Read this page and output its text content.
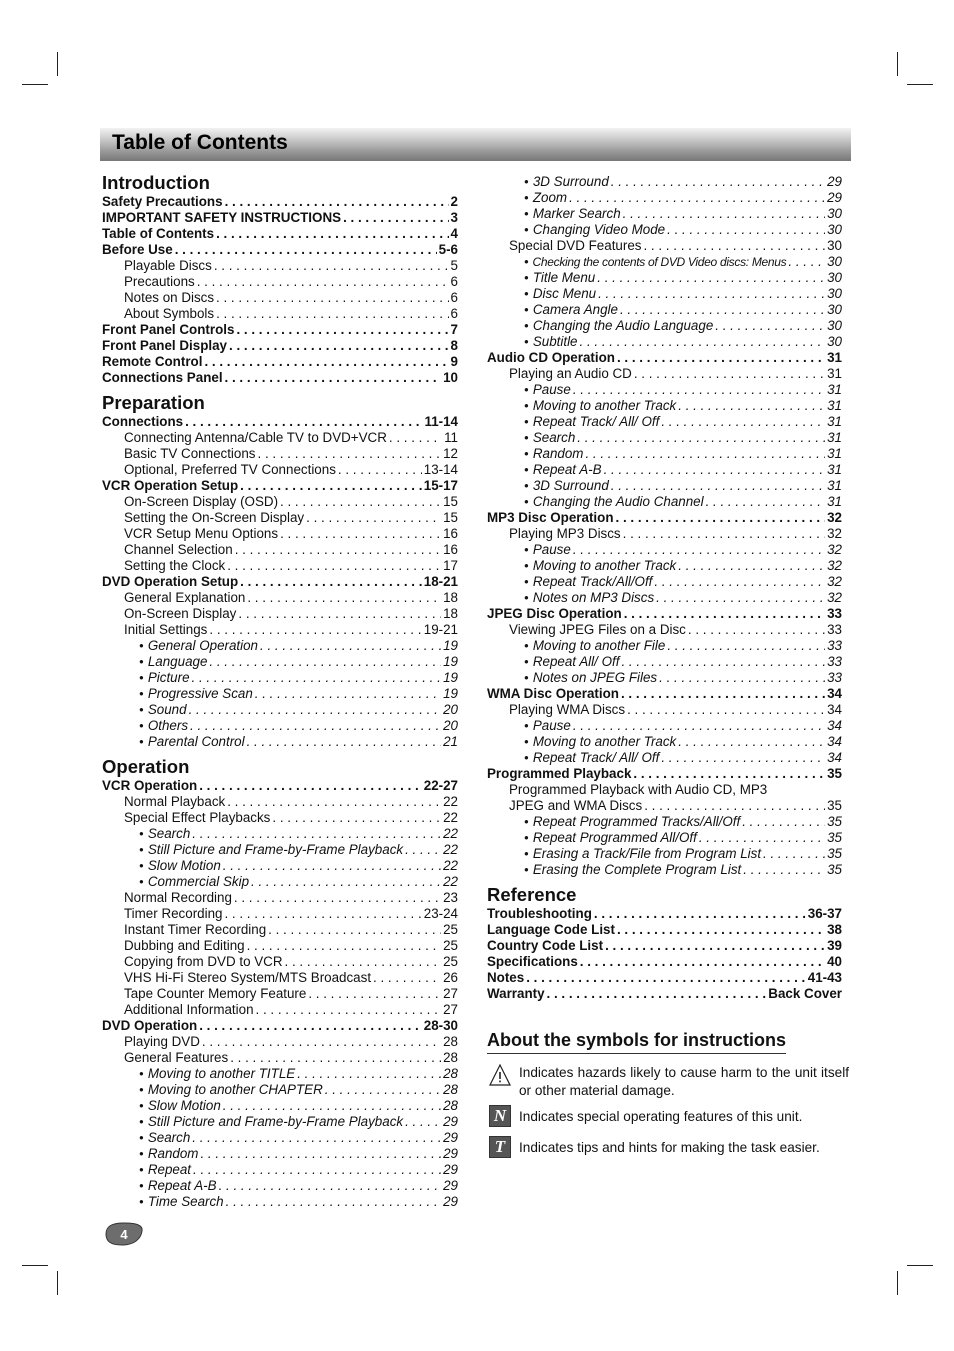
Table of Contents
Introduction
Safety Precautions . . .	2
IMPORTANT SAFETY INSTRUCTIONS . . .	3
Table of Contents . . .	4
Before Use . . .	5-6
Playable Discs . . .	5
Precautions . . .	6
Notes on Discs . . .	6
About Symbols . . .	6
Front Panel Controls . . .	7
Front Panel Display . . .	8
Remote Control . . .	9
Connections Panel . . .	10
Preparation
Connections . . .	11-14
Connecting Antenna/Cable TV to DVD+VCR . . .	11
Basic TV Connections . . .	12
Optional, Preferred TV Connections . . .	13-14
VCR Operation Setup . . .	15-17
On-Screen Display (OSD) . . .	15
Setting the On-Screen Display . . .	15
VCR Setup Menu Options . . .	16
Channel Selection . . .	16
Setting the Clock . . .	17
DVD Operation Setup . . .	18-21
General Explanation . . .	18
On-Screen Display . . .	18
Initial Settings . . .	19-21
● General Operation . . .	19
● Language . . .	19
● Picture . . .	19
● Progressive Scan . . .	19
● Sound . . .	20
● Others . . .	20
● Parental Control . . .	21
Operation
VCR Operation . . .	22-27
Normal Playback . . .	22
Special Effect Playbacks . . .	22
● Search . . .	22
● Still Picture and Frame-by-Frame Playback . . .	22
● Slow Motion . . .	22
● Commercial Skip . . .	22
Normal Recording . . .	23
Timer Recording . . .	23-24
Instant Timer Recording . . .	25
Dubbing and Editing . . .	25
Copying from DVD to VCR . . .	25
VHS Hi-Fi Stereo System/MTS Broadcast . . .	26
Tape Counter Memory Feature . . .	27
Additional Information . . .	27
DVD Operation . . .	28-30
Playing DVD . . .	28
General Features . . .	28
● Moving to another TITLE . . .	28
● Moving to another CHAPTER . . .	28
● Slow Motion . . .	28
● Still Picture and Frame-by-Frame Playback . . .	29
● Search . . .	29
● Random . . .	29
● Repeat . . .	29
● Repeat A-B . . .	29
● Time Search . . .	29
● 3D Surround . . .	29
● Zoom . . .	29
● Marker Search . . .	30
● Changing Video Mode . . .	30
Special DVD Features . . .	30
● Checking the contents of DVD Video discs: Menus . . .	30
● Title Menu . . .	30
● Disc Menu . . .	30
● Camera Angle . . .	30
● Changing the Audio Language . . .	30
● Subtitle . . .	30
Audio CD Operation . . .	31
Playing an Audio CD . . .	31
● Pause . . .	31
● Moving to another Track . . .	31
● Repeat Track/ All/ Off . . .	31
● Search . . .	31
● Random . . .	31
● Repeat A-B . . .	31
● 3D Surround . . .	31
● Changing the Audio Channel . . .	31
MP3 Disc Operation . . .	32
Playing MP3 Discs . . .	32
● Pause . . .	32
● Moving to another Track . . .	32
● Repeat Track/All/Off . . .	32
● Notes on MP3 Discs . . .	32
JPEG Disc Operation . . .	33
Viewing JPEG Files on a Disc . . .	33
● Moving to another File . . .	33
● Repeat All/ Off . . .	33
● Notes on JPEG Files . . .	33
WMA Disc Operation . . .	34
Playing WMA Discs . . .	34
● Pause . . .	34
● Moving to another Track . . .	34
● Repeat Track/ All/ Off . . .	34
Programmed Playback . . .	35
Programmed Playback with Audio CD, MP3
JPEG and WMA Discs . . .	35
● Repeat Programmed Tracks/All/Off . . .	35
● Repeat Programmed All/Off . . .	35
● Erasing a Track/File from Program List . . .	35
● Erasing the Complete Program List . . .	35
Reference
Troubleshooting . . .	36-37
Language Code List . . .	38
Country Code List . . .	39
Specifications . . .	40
Notes . . .	41-43
Warranty . . .	Back Cover
About the symbols for instructions
Indicates hazards likely to cause harm to the unit itself or other material damage.
N Indicates special operating features of this unit.
T	Indicates tips and hints for making the task easier.
4
